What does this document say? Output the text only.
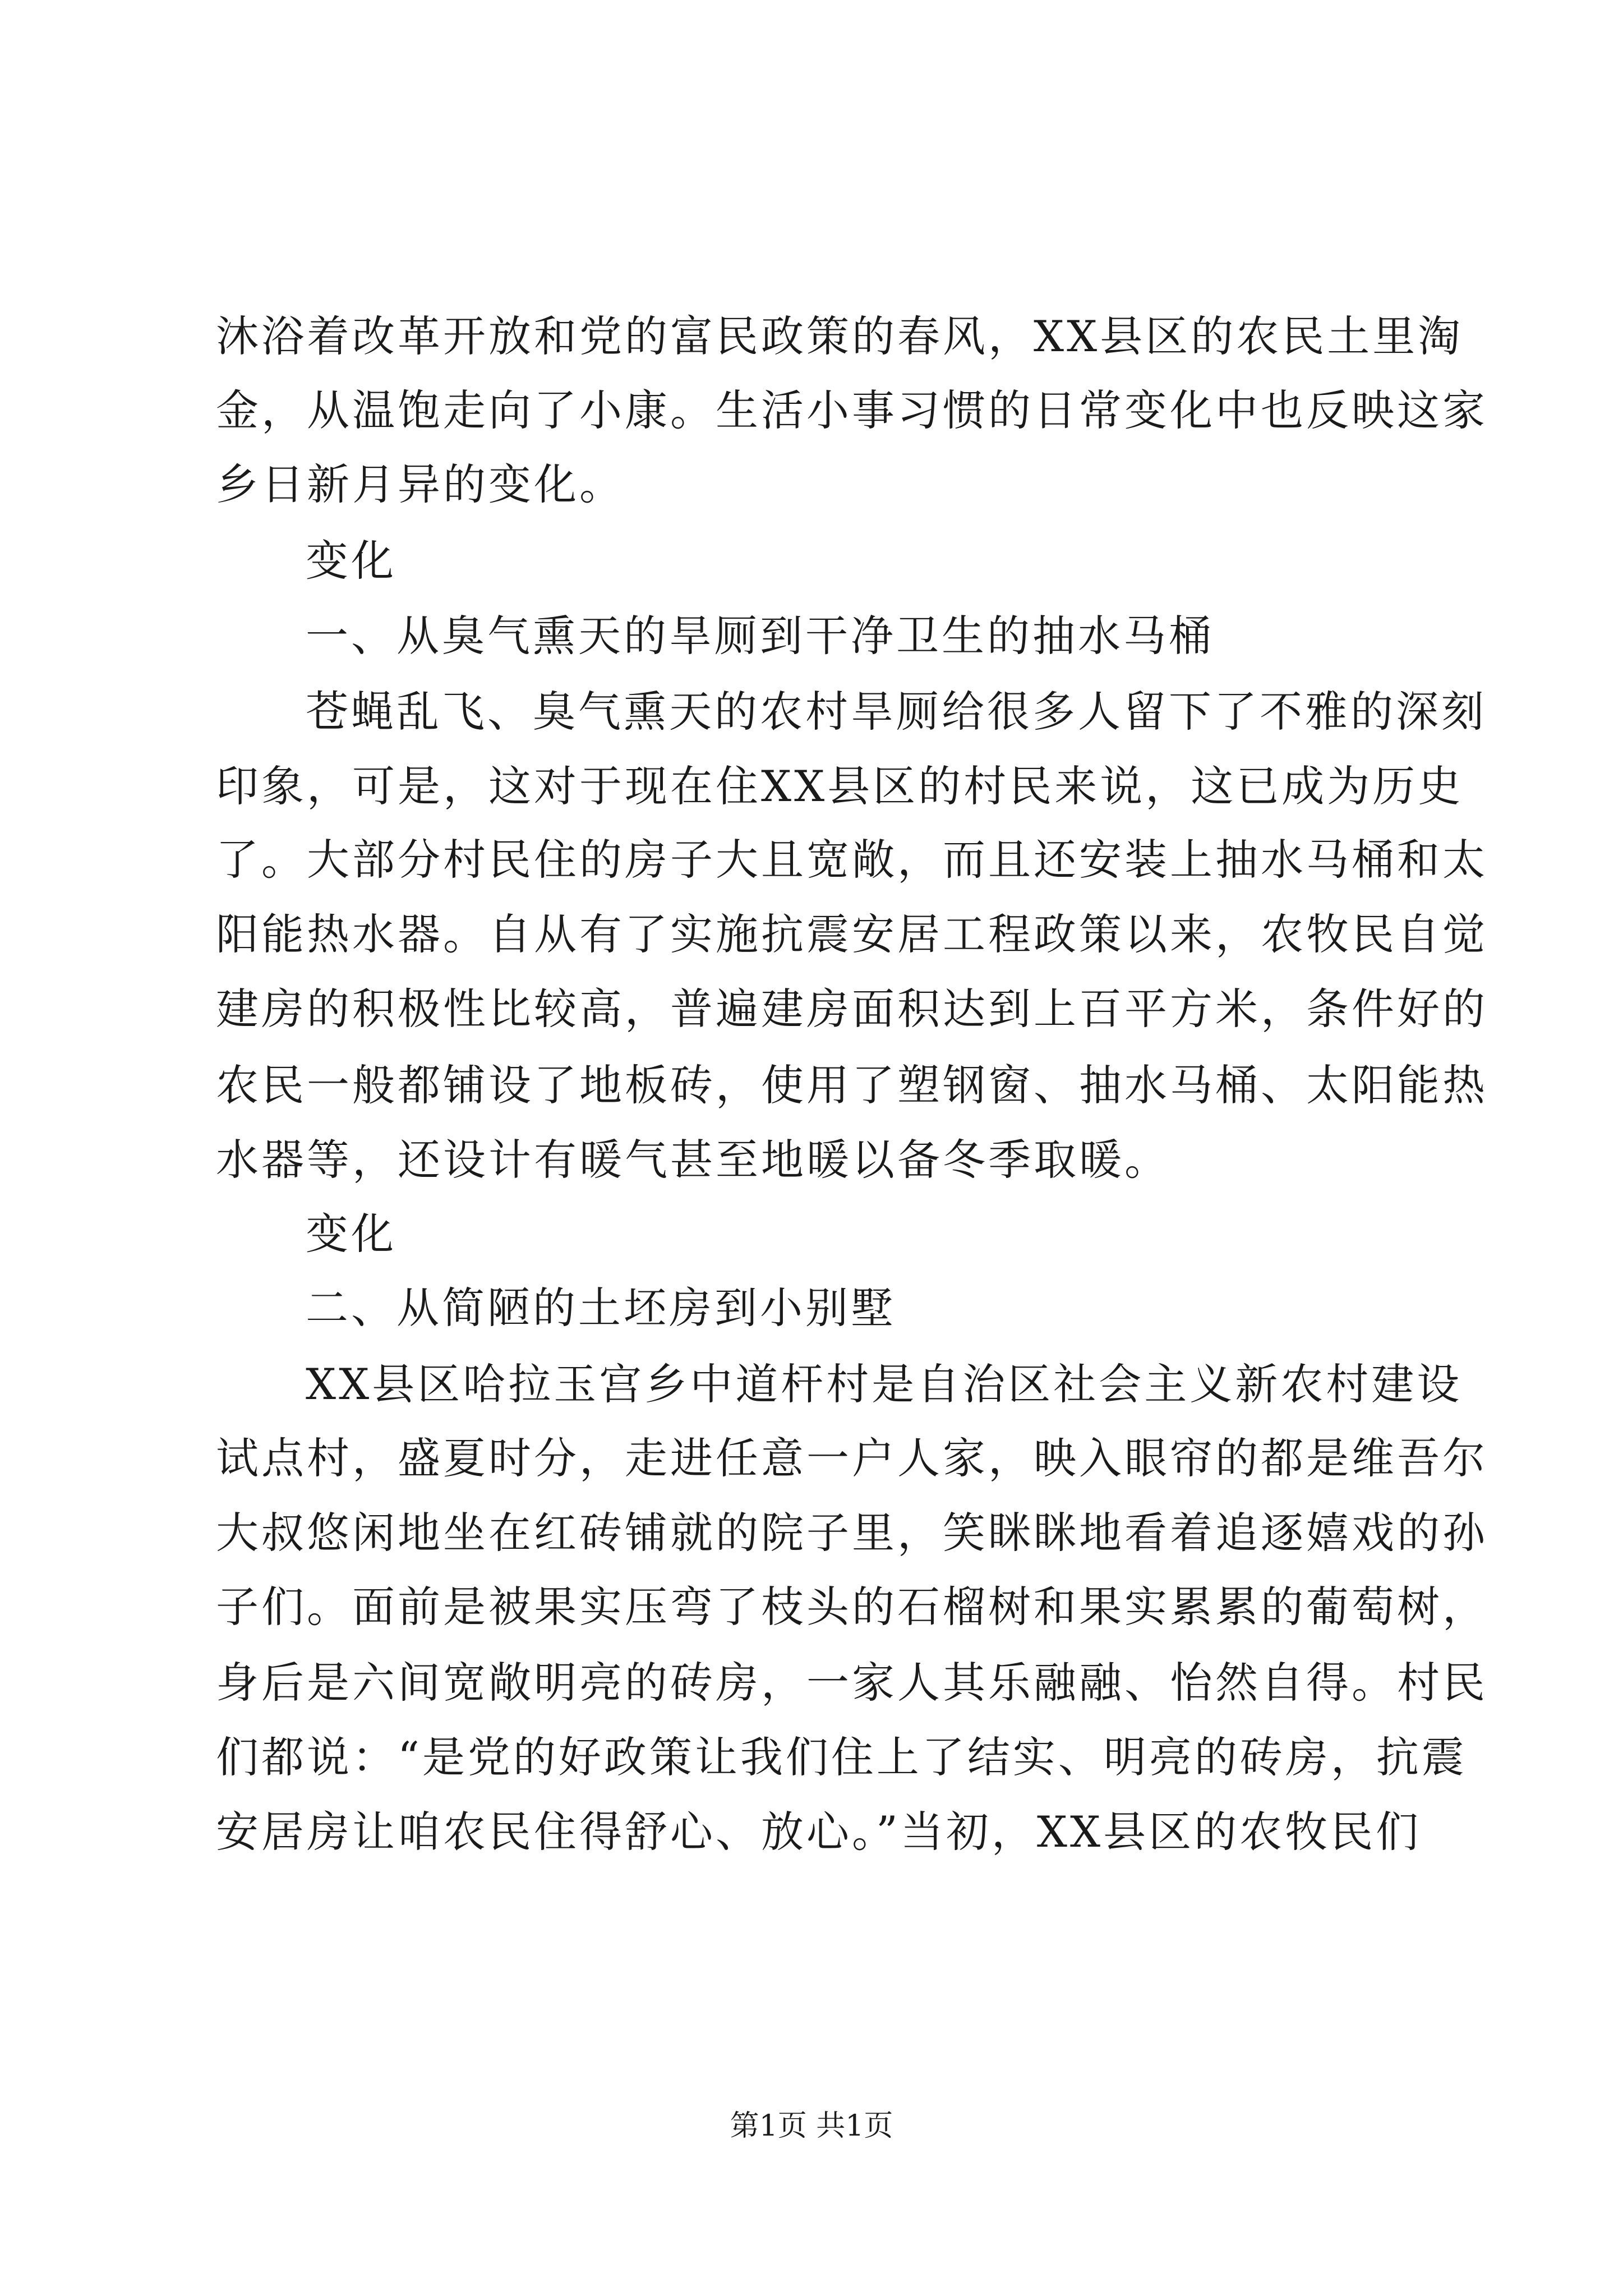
沐浴着改革开放和党的富民政策的春风，XX县区的农民土里淘
金，从温饱走向了小康。生活小事习惯的日常变化中也反映这家
乡日新月异的变化。
变化
一、从臭气熏天的旱厕到干净卫生的抽水马桶
苍蝇乱飞、臭气熏天的农村旱厕给很多人留下了不雅的深刻
印象，可是，这对于现在住XX县区的村民来说，这已成为历史
了。大部分村民住的房子大且宽敞，而且还安装上抽水马桶和太
阳能热水器。自从有了实施抗震安居工程政策以来，农牧民自觉
建房的积极性比较高，普遍建房面积达到上百平方米，条件好的
农民一般都铺设了地板砖，使用了塑钢窗、抽水马桶、太阳能热
水器等，还设计有暖气甚至地暖以备冬季取暖。
变化
二、从简陋的土坯房到小别墅
XX县区哈拉玉宫乡中道杆村是自治区社会主义新农村建设
试点村，盛夏时分，走进任意一户人家，映入眼帘的都是维吾尔
大叔悠闲地坐在红砖铺就的院子里，笑眯眯地看着追逐嬉戏的孙
子们。面前是被果实压弯了枝头的石榴树和果实累累的葡萄树，
身后是六间宽敞明亮的砖房，一家人其乐融融、怡然自得。村民
们都说：“是党的好政策让我们住上了结实、明亮的砖房，抗震
安居房让咱农民住得舒心、放心。”当初，XX县区的农牧民们
第1页 共1页
